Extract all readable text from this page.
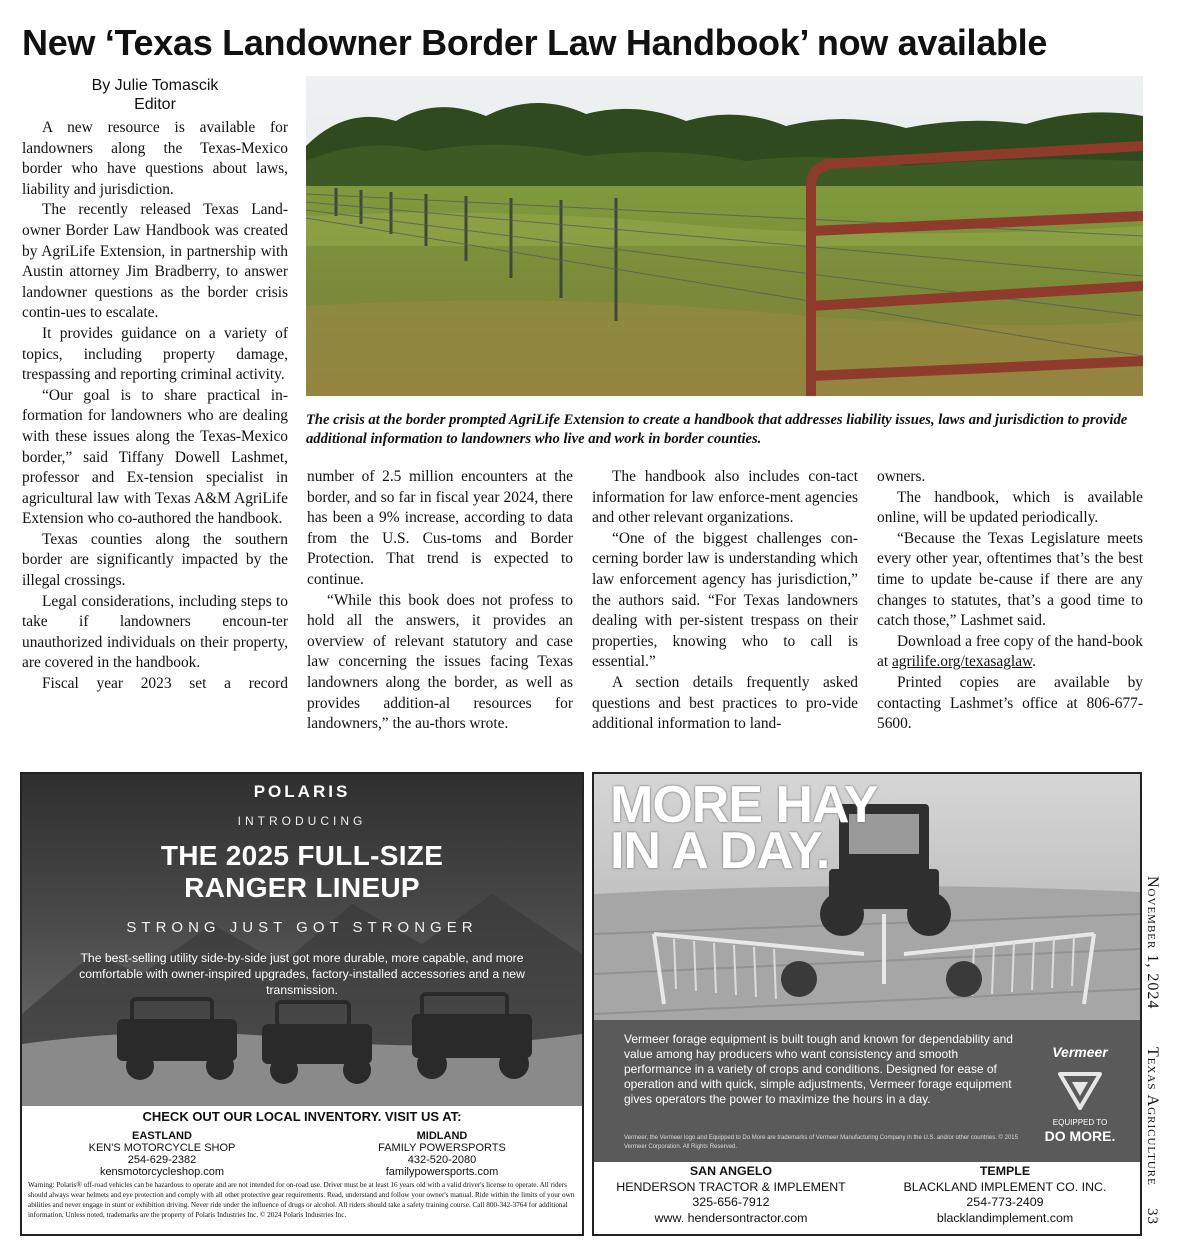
New ‘Texas Landowner Border Law Handbook’ now available
By Julie Tomascik
Editor

A new resource is available for landowners along the Texas-Mexico border who have questions about laws, liability and jurisdiction.

The recently released Texas Land-owner Border Law Handbook was created by AgriLife Extension, in partnership with Austin attorney Jim Bradberry, to answer landowner questions as the border crisis contin-ues to escalate.

It provides guidance on a variety of topics, including property damage, trespassing and reporting criminal activity.

“Our goal is to share practical in-formation for landowners who are dealing with these issues along the Texas-Mexico border,” said Tiffany Dowell Lashmet, professor and Ex-tension specialist in agricultural law with Texas A&M AgriLife Extension who co-authored the handbook.

Texas counties along the southern border are significantly impacted by the illegal crossings.

Legal considerations, including steps to take if landowners encoun-ter unauthorized individuals on their property, are covered in the handbook.

Fiscal year 2023 set a record

The crisis at the border prompted AgriLife Extension to create a handbook that addresses liability issues, laws and jurisdiction to provide additional information to landowners who live and work in border counties.

number of 2.5 million encounters at the border, and so far in fiscal year 2024, there has been a 9% increase, according to data from the U.S. Cus-toms and Border Protection. That trend is expected to continue.

“While this book does not profess to hold all the answers, it provides an overview of relevant statutory and case law concerning the issues facing Texas landowners along the border, as well as provides addition-al resources for landowners,” the au-thors wrote.

The handbook also includes con-tact information for law enforce-ment agencies and other relevant organizations.

“One of the biggest challenges con-cerning border law is understanding which law enforcement agency has jurisdiction,” the authors said. “For Texas landowners dealing with per-sistent trespass on their properties, knowing who to call is essential.”

A section details frequently asked questions and best practices to pro-vide additional information to land-

owners.

The handbook, which is available online, will be updated periodically.

“Because the Texas Legislature meets every other year, oftentimes that’s the best time to update be-cause if there are any changes to statutes, that’s a good time to catch those,” Lashmet said.

Download a free copy of the hand-book at agrilife.org/texasaglaw.

Printed copies are available by contacting Lashmet’s office at 806-677-5600.

November 1, 2024
Texas Agriculture
33
POLARIS
INTRODUCING
THE 2025 FULL-SIZE
RANGER LINEUP
STRONG JUST GOT STRONGER
The best-selling utility side-by-side just got more durable, more capable, and more comfortable with owner-inspired upgrades, factory-installed accessories and a new transmission.
CHECK OUT OUR LOCAL INVENTORY. VISIT US AT:
EASTLAND
KEN'S MOTORCYCLE SHOP
254-629-2382
kensmotorcycleshop.com
MIDLAND
FAMILY POWERSPORTS
432-520-2080
familypowersports.com
Warning: Polaris® off-road vehicles can be hazardous to operate and are not intended for on-road use. Driver must be at least 16 years old with a valid driver's license to operate. All riders should always wear helmets and eye protection and comply with all other protective gear requirements. Read, understand and follow your owner's manual. Ride within the limits of your own abilities and never engage in stunt or exhibition driving. Never ride under the influence of drugs or alcohol. All riders should take a safety training course. Call 800-342-3764 for additional information. Unless noted, trademarks are the property of Polaris Industries Inc. © 2024 Polaris Industries Inc.
MORE HAY
IN A DAY.
Vermeer forage equipment is built tough and known for dependability and value among hay producers who want consistency and smooth performance in a variety of crops and conditions. Designed for ease of operation and with quick, simple adjustments, Vermeer forage equipment gives operators the power to maximize the hours in a day.
Vermeer, the Vermeer logo and Equipped to Do More are trademarks of Vermeer Manufacturing Company in the U.S. and/or other countries. © 2015 Vermeer Corporation. All Rights Reserved.
Vermeer
EQUIPPED TO
DO MORE.
SAN ANGELO
HENDERSON TRACTOR & IMPLEMENT
325-656-7912
www. hendersontractor.com
TEMPLE
BLACKLAND IMPLEMENT CO. INC.
254-773-2409
blacklandimplement.com
